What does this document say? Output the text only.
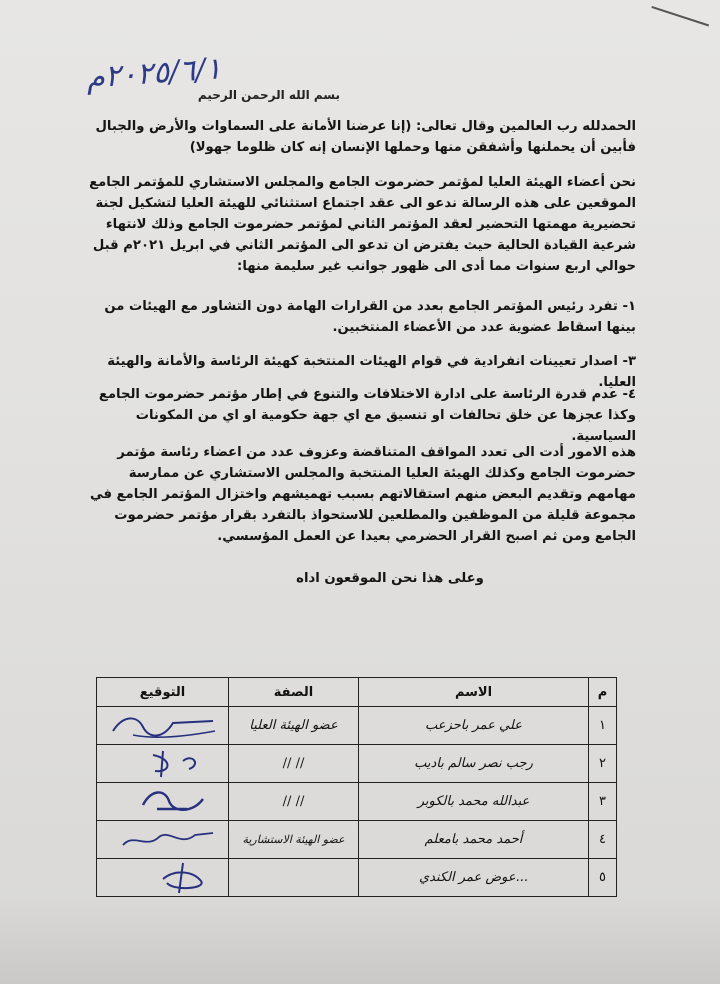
٢٠٢٥/٦/١م
بسم الله الرحمن الرحيم
الحمدلله رب العالمين وقال تعالى: (إنا عرضنا الأمانة على السماوات والأرض والجبال فأبين أن يحملنها وأشفقن منها وحملها الإنسان إنه كان ظلوما جهولا)
نحن أعضاء الهيئة العليا لمؤتمر حضرموت الجامع والمجلس الاستشاري للمؤتمر الجامع الموقعين على هذه الرسالة ندعو الى عقد اجتماع استثنائي للهيئة العليا لتشكيل لجنة تحضيرية مهمتها التحضير لعقد المؤتمر الثاني لمؤتمر حضرموت الجامع وذلك لانتهاء شرعية القيادة الحالية حيث يفترض ان تدعو الى المؤتمر الثاني في ابريل ٢٠٢١م قبل حوالي اربع سنوات مما أدى الى ظهور جوانب غير سليمة منها:
١- تفرد رئيس المؤتمر الجامع بعدد من القرارات الهامة دون التشاور مع الهيئات من بينها اسقاط عضوية عدد من الأعضاء المنتخبين.
٣- اصدار تعيينات انفرادية في قوام الهيئات المنتخبة كهيئة الرئاسة والأمانة والهيئة العليا.
٤- عدم قدرة الرئاسة على ادارة الاختلافات والتنوع في إطار مؤتمر حضرموت الجامع وكذا عجزها عن خلق تحالفات او تنسيق مع اي جهة حكومية او اي من المكونات السياسية.
هذه الامور أدت الى تعدد المواقف المتناقضة وعزوف عدد من اعضاء رئاسة مؤتمر حضرموت الجامع وكذلك الهيئة العليا المنتخبة والمجلس الاستشاري عن ممارسة مهامهم وتقديم البعض منهم استقالاتهم بسبب تهميشهم واختزال المؤتمر الجامع في مجموعة قليلة من الموظفين والمطلعين للاستحواذ بالتفرد بقرار مؤتمر حضرموت الجامع ومن ثم اصبح القرار الحضرمي بعيدا عن العمل المؤسسي.
وعلى هذا نحن الموقعون اداه
م	الاسم	الصفة	التوقيع
١	علي عمر باحزعب	عضو الهيئة العليا	

٢	رجب نصر سالم باديب	// //	

٣	عبدالله محمد بالكوبر	// //	

٤	أحمد محمد بامعلم	عضو الهيئة الاستشارية	

٥	...عوض عمر الكندي		
